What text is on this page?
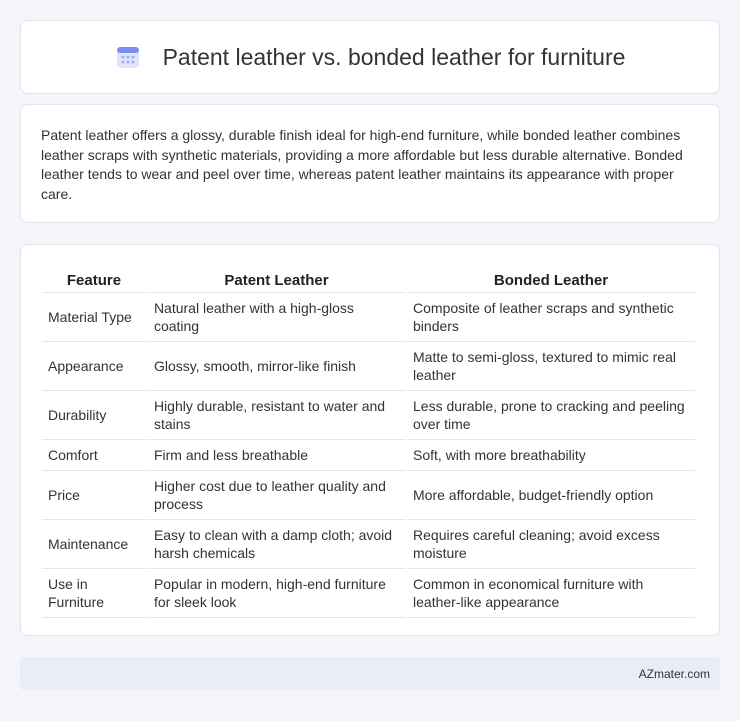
Patent leather vs. bonded leather for furniture

Patent leather offers a glossy, durable finish ideal for high-end furniture, while bonded leather combines leather scraps with synthetic materials, providing a more affordable but less durable alternative. Bonded leather tends to wear and peel over time, whereas patent leather maintains its appearance with proper care.

Feature	Patent Leather	Bonded Leather
Material Type	Natural leather with a high-gloss coating	Composite of leather scraps and synthetic binders
Appearance	Glossy, smooth, mirror-like finish	Matte to semi-gloss, textured to mimic real leather
Durability	Highly durable, resistant to water and stains	Less durable, prone to cracking and peeling over time
Comfort	Firm and less breathable	Soft, with more breathability
Price	Higher cost due to leather quality and process	More affordable, budget-friendly option
Maintenance	Easy to clean with a damp cloth; avoid harsh chemicals	Requires careful cleaning; avoid excess moisture
Use in Furniture	Popular in modern, high-end furniture for sleek look	Common in economical furniture with leather-like appearance
AZmater.com
